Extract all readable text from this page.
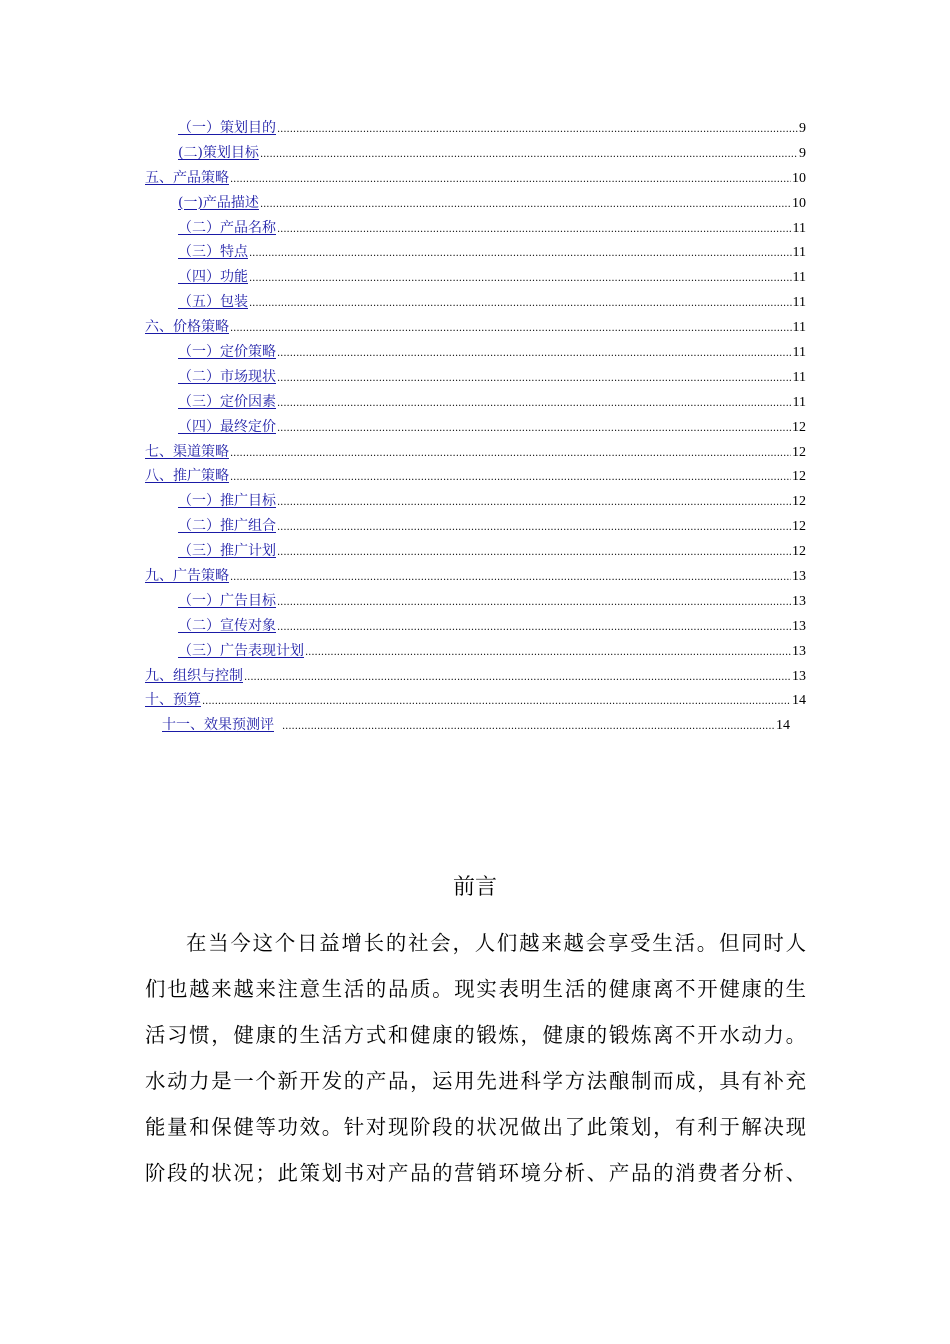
（一）策划目的 .....	9
(二)策划目标 .....	9
五、产品策略 .....	10
(一)产品描述 .....	10
（二）产品名称 .....	11
（三）特点 .....	11
（四）功能 .....	11
（五）包装 .....	11
六、价格策略 .....	11
（一）定价策略 .....	11
（二）市场现状 .....	11
（三）定价因素 .....	11
（四）最终定价 .....	12
七、渠道策略 .....	12
八、推广策略 .....	12
（一）推广目标 .....	12
（二）推广组合 .....	12
（三）推广计划 .....	12
九、广告策略 .....	13
（一）广告目标 .....	13
（二）宣传对象 .....	13
（三）广告表现计划 .....	13
九、组织与控制 .....	13
十、预算 .....	14
十一、效果预测评 .....	14
前言
在当今这个日益增长的社会，人们越来越会享受生活。但同时人
们也越来越来注意生活的品质。现实表明生活的健康离不开健康的生
活习惯，健康的生活方式和健康的锻炼，健康的锻炼离不开水动力。
水动力是一个新开发的产品，运用先进科学方法酿制而成，具有补充
能量和保健等功效。针对现阶段的状况做出了此策划，有利于解决现
阶段的状况；此策划书对产品的营销环境分析、产品的消费者分析、
